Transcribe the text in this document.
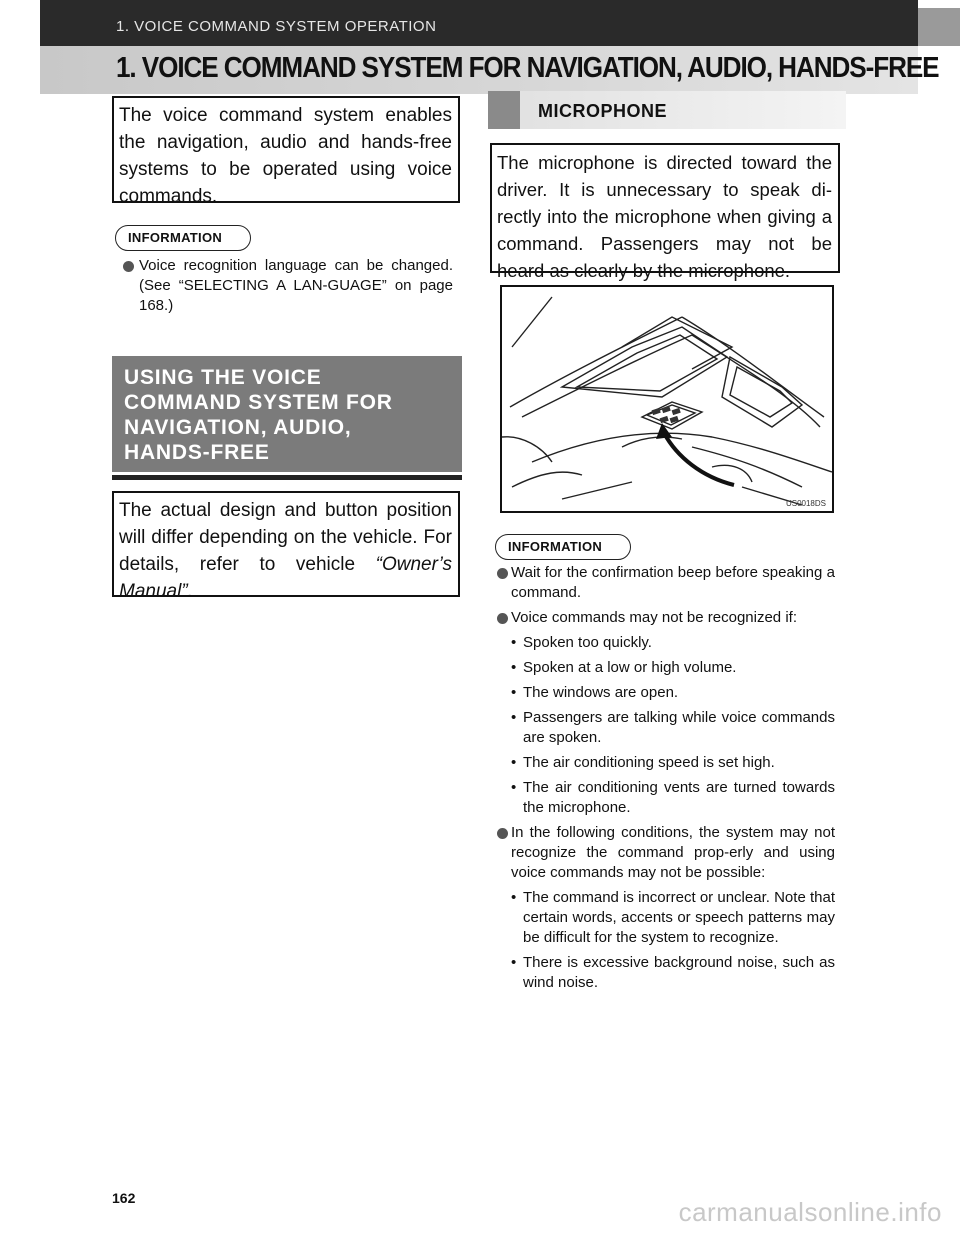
1. VOICE COMMAND SYSTEM OPERATION
1. VOICE COMMAND SYSTEM FOR NAVIGATION, AUDIO, HANDS-FREE
The voice command system enables the navigation, audio and hands-free systems to be operated using voice commands.
INFORMATION
Voice recognition language can be changed.(See “SELECTING A LAN-GUAGE” on page 168.)
USING THE VOICE
COMMAND SYSTEM FOR
NAVIGATION, AUDIO,
HANDS-FREE
The actual design and button position will differ depending on the vehicle. For details, refer to vehicle “Owner’s Manual”.
MICROPHONE
The microphone is directed toward the driver. It is unnecessary to speak di-rectly into the microphone when giving a command. Passengers may not be heard as clearly by the microphone.
US0018DS
INFORMATION
Wait for the confirmation beep before speaking a command.
Voice commands may not be recognized if:
• Spoken too quickly.
• Spoken at a low or high volume.
• The windows are open.
• Passengers are talking while voice commands are spoken.
• The air conditioning speed is set high.
• The air conditioning vents are turned towards the microphone.
In the following conditions, the system may not recognize the command prop-erly and using voice commands may not be possible:
• The command is incorrect or unclear. Note that certain words, accents or speech patterns may be difficult for the system to recognize.
• There is excessive background noise, such as wind noise.
162	carmanualsonline.info
